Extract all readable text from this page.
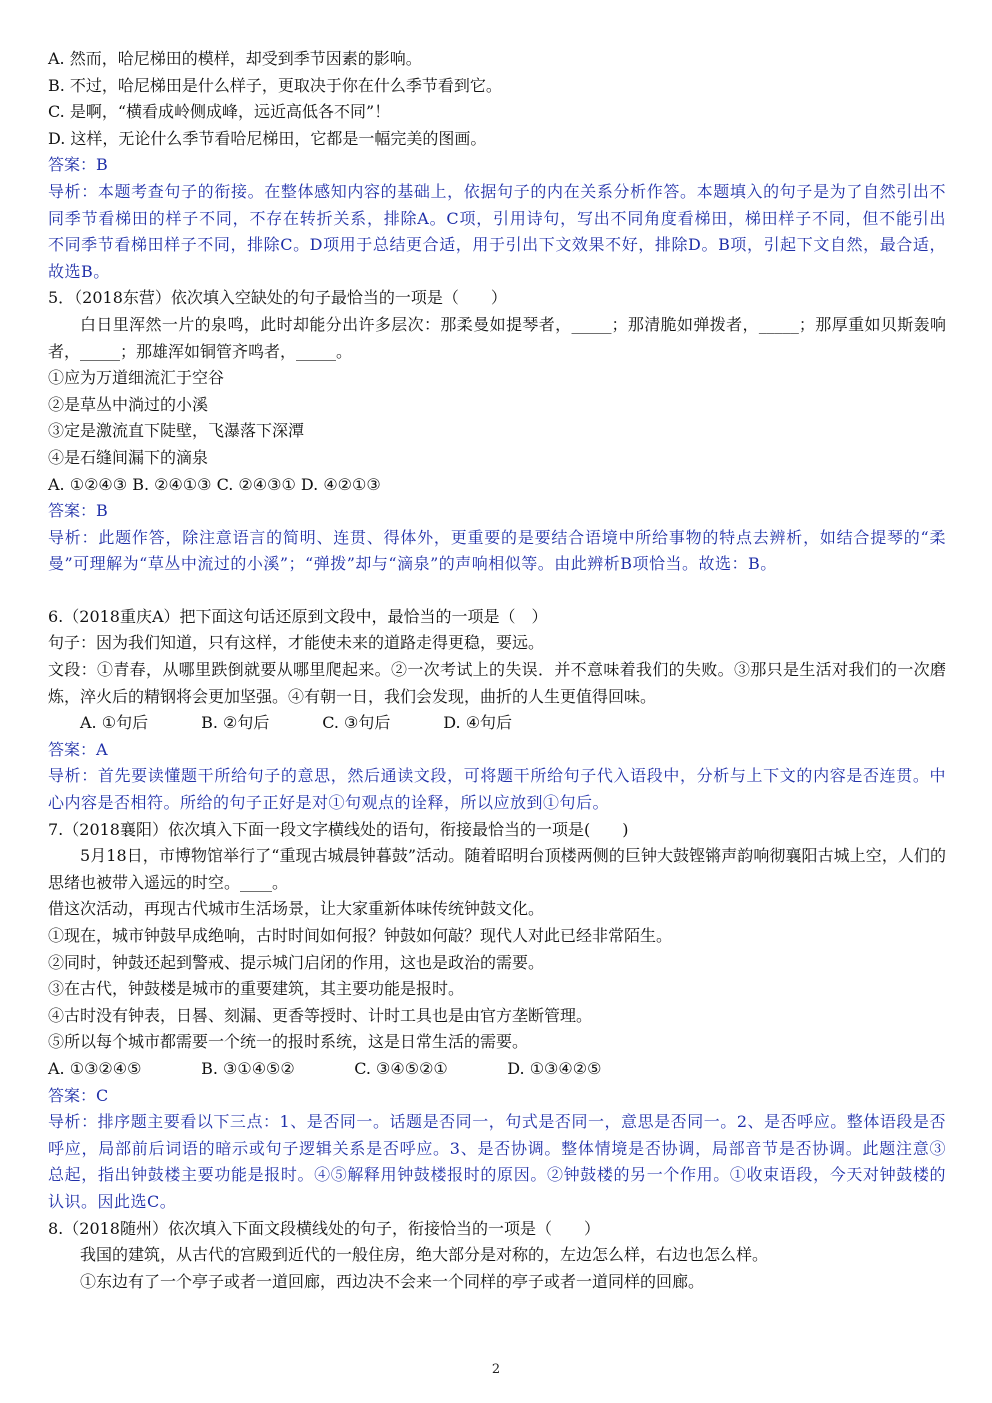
A. 然而，哈尼梯田的模样，却受到季节因素的影响。
B. 不过，哈尼梯田是什么样子，更取决于你在什么季节看到它。
C. 是啊，“横看成岭侧成峰，远近高低各不同”！
D. 这样，无论什么季节看哈尼梯田，它都是一幅完美的图画。
答案：B
导析：本题考查句子的衔接。在整体感知内容的基础上，依据句子的内在关系分析作答。本题填入的句子是为了自然引出不同季节看梯田的样子不同，不存在转折关系，排除A。C项，引用诗句，写出不同角度看梯田，梯田样子不同，但不能引出不同季节看梯田样子不同，排除C。D项用于总结更合适，用于引出下文效果不好，排除D。B项，引起下文自然，最合适，故选B。
5．（2018东营）依次填入空缺处的句子最恰当的一项是（　　）
白日里浑然一片的泉鸣，此时却能分出许多层次：那柔曼如提琴者，_____；那清脆如弹拨者，_____；那厚重如贝斯轰响者，_____；那雄浑如铜管齐鸣者，_____。
①应为万道细流汇于空谷
②是草丛中淌过的小溪
③定是激流直下陡壁，飞瀑落下深潭
④是石缝间漏下的滴泉
A. ①②④③ B. ②④①③ C. ②④③① D. ④②①③
答案：B
导析：此题作答，除注意语言的简明、连贯、得体外，更重要的是要结合语境中所给事物的特点去辨析，如结合提琴的“柔曼”可理解为“草丛中流过的小溪”；“弹拨”却与“滴泉”的声响相似等。由此辨析B项恰当。故选：B。
6.（2018重庆A）把下面这句话还原到文段中，最恰当的一项是（　）
句子：因为我们知道，只有这样，才能使未来的道路走得更稳，要远。
文段：①青春，从哪里跌倒就要从哪里爬起来。②一次考试上的失误．并不意味着我们的失败。③那只是生活对我们的一次磨炼，淬火后的精钢将会更加坚强。④有朝一日，我们会发现，曲折的人生更值得回味。
A. ①句后	B. ②句后	C. ③句后	D. ④句后
答案：A
导析：首先要读懂题干所给句子的意思，然后通读文段，可将题干所给句子代入语段中，分析与上下文的内容是否连贯。中心内容是否相符。所给的句子正好是对①句观点的诠释，所以应放到①句后。
7.（2018襄阳）依次填入下面一段文字横线处的语句，衔接最恰当的一项是(　　)
5月18日，市博物馆举行了“重现古城晨钟暮鼓”活动。随着昭明台顶楼两侧的巨钟大鼓铿锵声韵响彻襄阳古城上空，人们的思绪也被带入遥远的时空。____。
借这次活动，再现古代城市生活场景，让大家重新体味传统钟鼓文化。
①现在，城市钟鼓早成绝响，古时时间如何报？钟鼓如何敲？现代人对此已经非常陌生。
②同时，钟鼓还起到警戒、提示城门启闭的作用，这也是政治的需要。
③在古代，钟鼓楼是城市的重要建筑，其主要功能是报时。
④古时没有钟表，日晷、刻漏、更香等授时、计时工具也是由官方垄断管理。
⑤所以每个城市都需要一个统一的报时系统，这是日常生活的需要。
A. ①③②④⑤	B. ③①④⑤②	C. ③④⑤②①	D. ①③④②⑤
答案：C
导析：排序题主要看以下三点：1、是否同一。话题是否同一，句式是否同一，意思是否同一。2、是否呼应。整体语段是否呼应，局部前后词语的暗示或句子逻辑关系是否呼应。3、是否协调。整体情境是否协调，局部音节是否协调。此题注意③总起，指出钟鼓楼主要功能是报时。④⑤解释用钟鼓楼报时的原因。②钟鼓楼的另一个作用。①收束语段，今天对钟鼓楼的认识。因此选C。
8.（2018随州）依次填入下面文段横线处的句子，衔接恰当的一项是（　　）
我国的建筑，从古代的宫殿到近代的一般住房，绝大部分是对称的，左边怎么样，右边也怎么样。
①东边有了一个亭子或者一道回廊，西边决不会来一个同样的亭子或者一道同样的回廊。
2
